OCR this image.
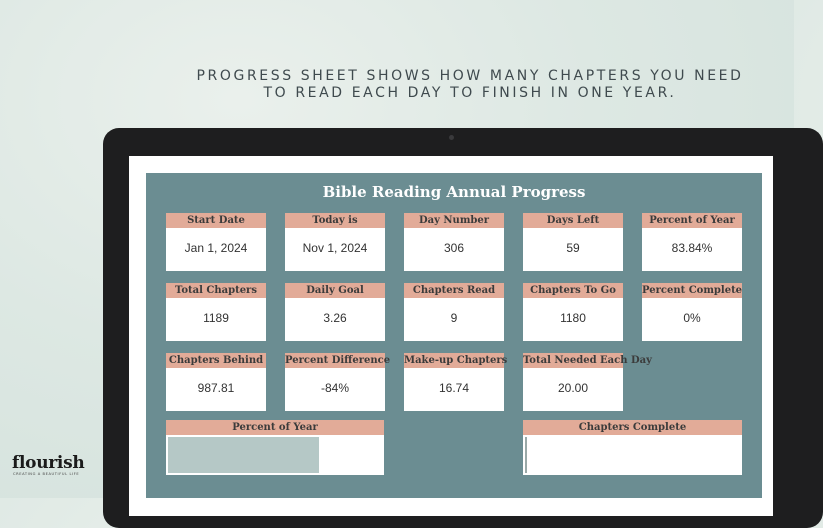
PROGRESS SHEET SHOWS HOW MANY CHAPTERS YOU NEED
TO READ EACH DAY TO FINISH IN ONE YEAR.
Bible Reading Annual Progress
Start Date
Jan 1, 2024
Today is
Nov 1, 2024
Day Number
306
Days Left
59
Percent of Year
83.84%
Total Chapters
1189
Daily Goal
3.26
Chapters Read
9
Chapters To Go
1180
Percent Complete
0%
Chapters Behind
987.81
Percent Difference
-84%
Make-up Chapters
16.74
Total Needed Each Day
20.00
Percent of Year	Chapters Complete
flourish
CREATING A BEAUTIFUL LIFE
